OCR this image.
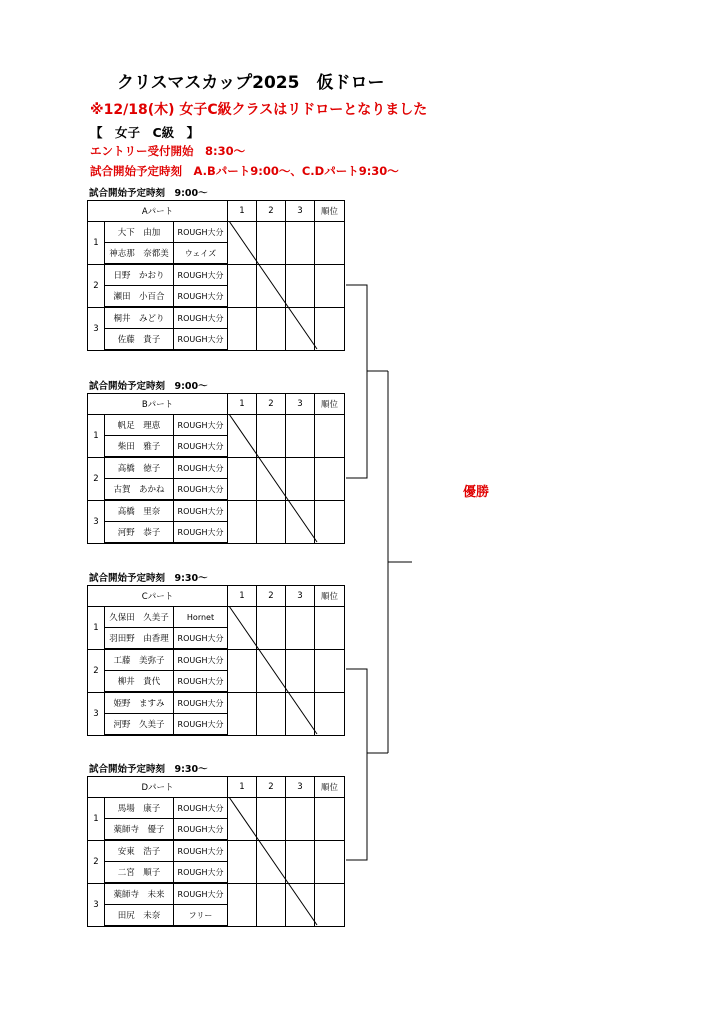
クリスマスカップ2025　仮ドロー
※12/18(木) 女子C級クラスはリドローとなりました
【　女子　C級　】
エントリー受付開始　8:30～
試合開始予定時刻　A.Bパート9:00～、C.Dパート9:30～
試合開始予定時刻　9:00～
Aパート			1	2	3	順位
1	大下　由加	ROUGH大分				
	神志那　奈都美	ウェイズ				
2	日野　かおり	ROUGH大分				
	瀬田　小百合	ROUGH大分				
3	桐井　みどり	ROUGH大分				
	佐藤　貴子	ROUGH大分				
試合開始予定時刻　9:00～
Bパート			1	2	3	順位
1	帆足　理恵	ROUGH大分				
	柴田　雅子	ROUGH大分				
2	高橋　徳子	ROUGH大分				
	古賀　あかね	ROUGH大分				
3	高橋　里奈	ROUGH大分				
	河野　恭子	ROUGH大分				
試合開始予定時刻　9:30～
Cパート			1	2	3	順位
1	久保田　久美子	Hornet				
	羽田野　由香理	ROUGH大分				
2	工藤　美弥子	ROUGH大分				
	柳井　貴代	ROUGH大分				
3	姫野　ますみ	ROUGH大分				
	河野　久美子	ROUGH大分				
試合開始予定時刻　9:30～
Dパート			1	2	3	順位
1	馬場　康子	ROUGH大分				
	薬師寺　優子	ROUGH大分				
2	安東　浩子	ROUGH大分				
	二宮　順子	ROUGH大分				
3	薬師寺　未来	ROUGH大分				
	田尻　未奈	フリー				
優勝
